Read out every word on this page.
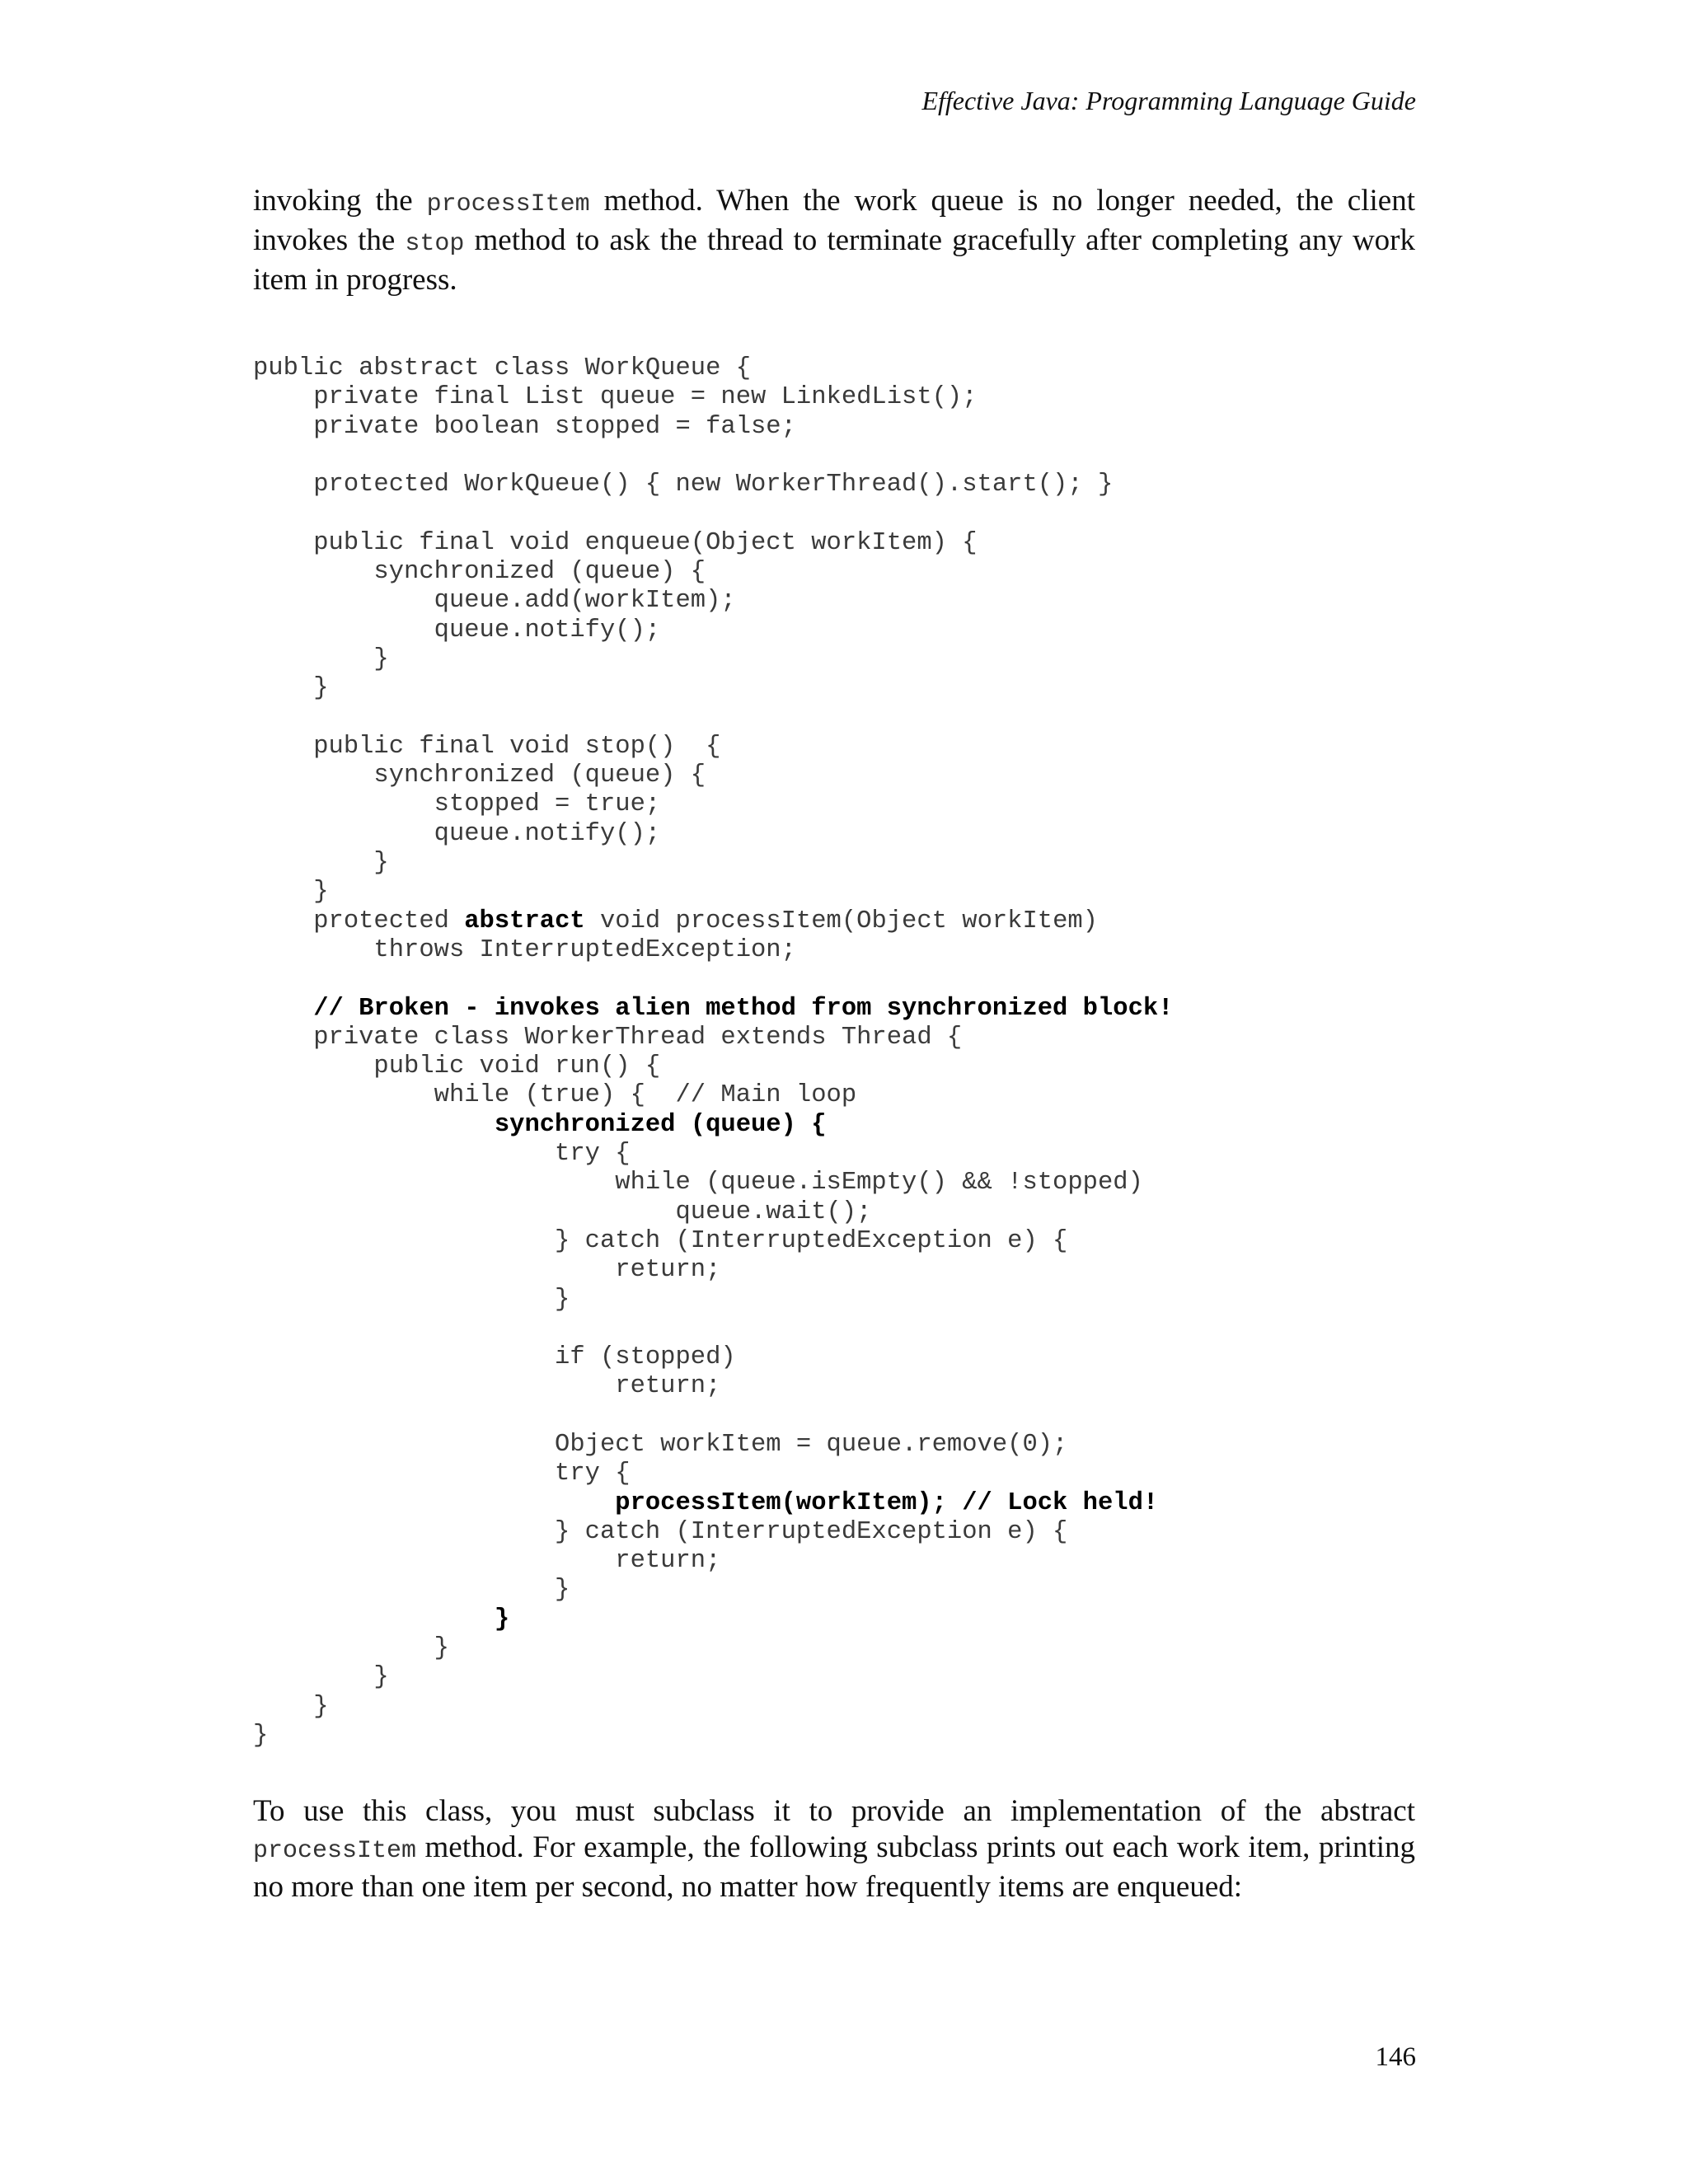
Effective Java: Programming Language Guide
invoking the processItem method. When the work queue is no longer needed, the client invokes the stop method to ask the thread to terminate gracefully after completing any work item in progress.
public abstract class WorkQueue {
private final List queue = new LinkedList();
private boolean stopped = false;
protected WorkQueue() { new WorkerThread().start(); }
public final void enqueue(Object workItem) {
synchronized (queue) {
queue.add(workItem);
queue.notify();
}
}
public final void stop()  {
synchronized (queue) {
stopped = true;
queue.notify();
}
}
protected abstract void processItem(Object workItem)
throws InterruptedException;
// Broken - invokes alien method from synchronized block!
private class WorkerThread extends Thread {
public void run() {
while (true) {  // Main loop
synchronized (queue) {
try {
while (queue.isEmpty() && !stopped)
queue.wait();
} catch (InterruptedException e) {
return;
}
if (stopped)
return;
Object workItem = queue.remove(0);
try {
processItem(workItem); // Lock held!
} catch (InterruptedException e) {
return;
}
}
}
}
}
}
To use this class, you must subclass it to provide an implementation of the abstract processItem method. For example, the following subclass prints out each work item, printing no more than one item per second, no matter how frequently items are enqueued:
146
